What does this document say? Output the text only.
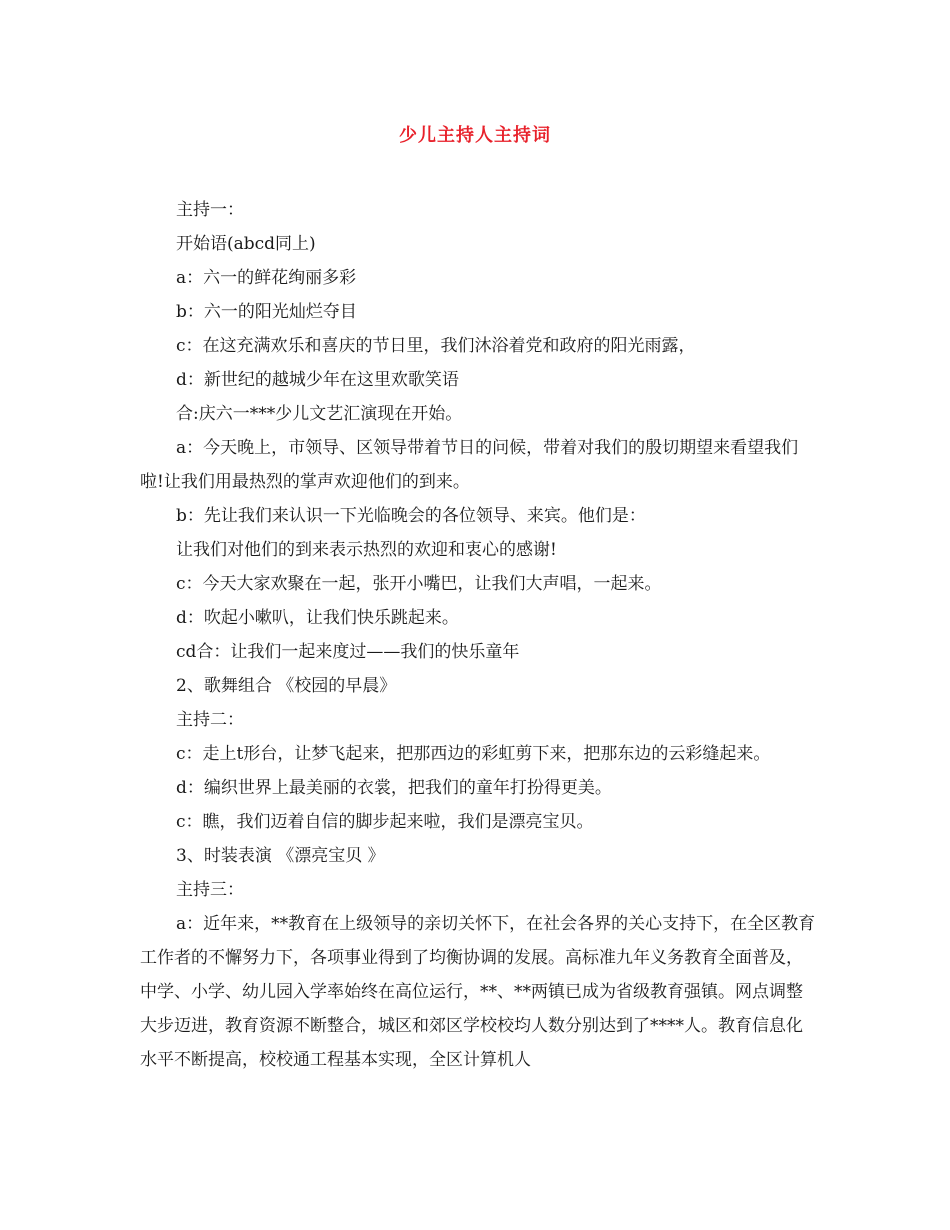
少儿主持人主持词

主持一：

开始语(abcd同上)

a：六一的鲜花绚丽多彩

b：六一的阳光灿烂夺目

c：在这充满欢乐和喜庆的节日里，我们沐浴着党和政府的阳光雨露，

d：新世纪的越城少年在这里欢歌笑语

合:庆六一***少儿文艺汇演现在开始。

a：今天晚上，市领导、区领导带着节日的问候，带着对我们的殷切期望来看望我们啦!让我们用最热烈的掌声欢迎他们的到来。

b：先让我们来认识一下光临晚会的各位领导、来宾。他们是：

让我们对他们的到来表示热烈的欢迎和衷心的感谢!

c：今天大家欢聚在一起，张开小嘴巴，让我们大声唱，一起来。

d：吹起小嗽叭，让我们快乐跳起来。

cd合：让我们一起来度过——我们的快乐童年

2、歌舞组合 《校园的早晨》

主持二：

c：走上t形台，让梦飞起来，把那西边的彩虹剪下来，把那东边的云彩缝起来。

d：编织世界上最美丽的衣裳，把我们的童年打扮得更美。

c：瞧，我们迈着自信的脚步起来啦，我们是漂亮宝贝。

3、时装表演 《漂亮宝贝 》

主持三：

a：近年来，**教育在上级领导的亲切关怀下，在社会各界的关心支持下，在全区教育工作者的不懈努力下，各项事业得到了均衡协调的发展。高标准九年义务教育全面普及，中学、小学、幼儿园入学率始终在高位运行，**、**两镇已成为省级教育强镇。网点调整大步迈进，教育资源不断整合，城区和郊区学校校均人数分别达到了****人。教育信息化水平不断提高，校校通工程基本实现，全区计算机人
